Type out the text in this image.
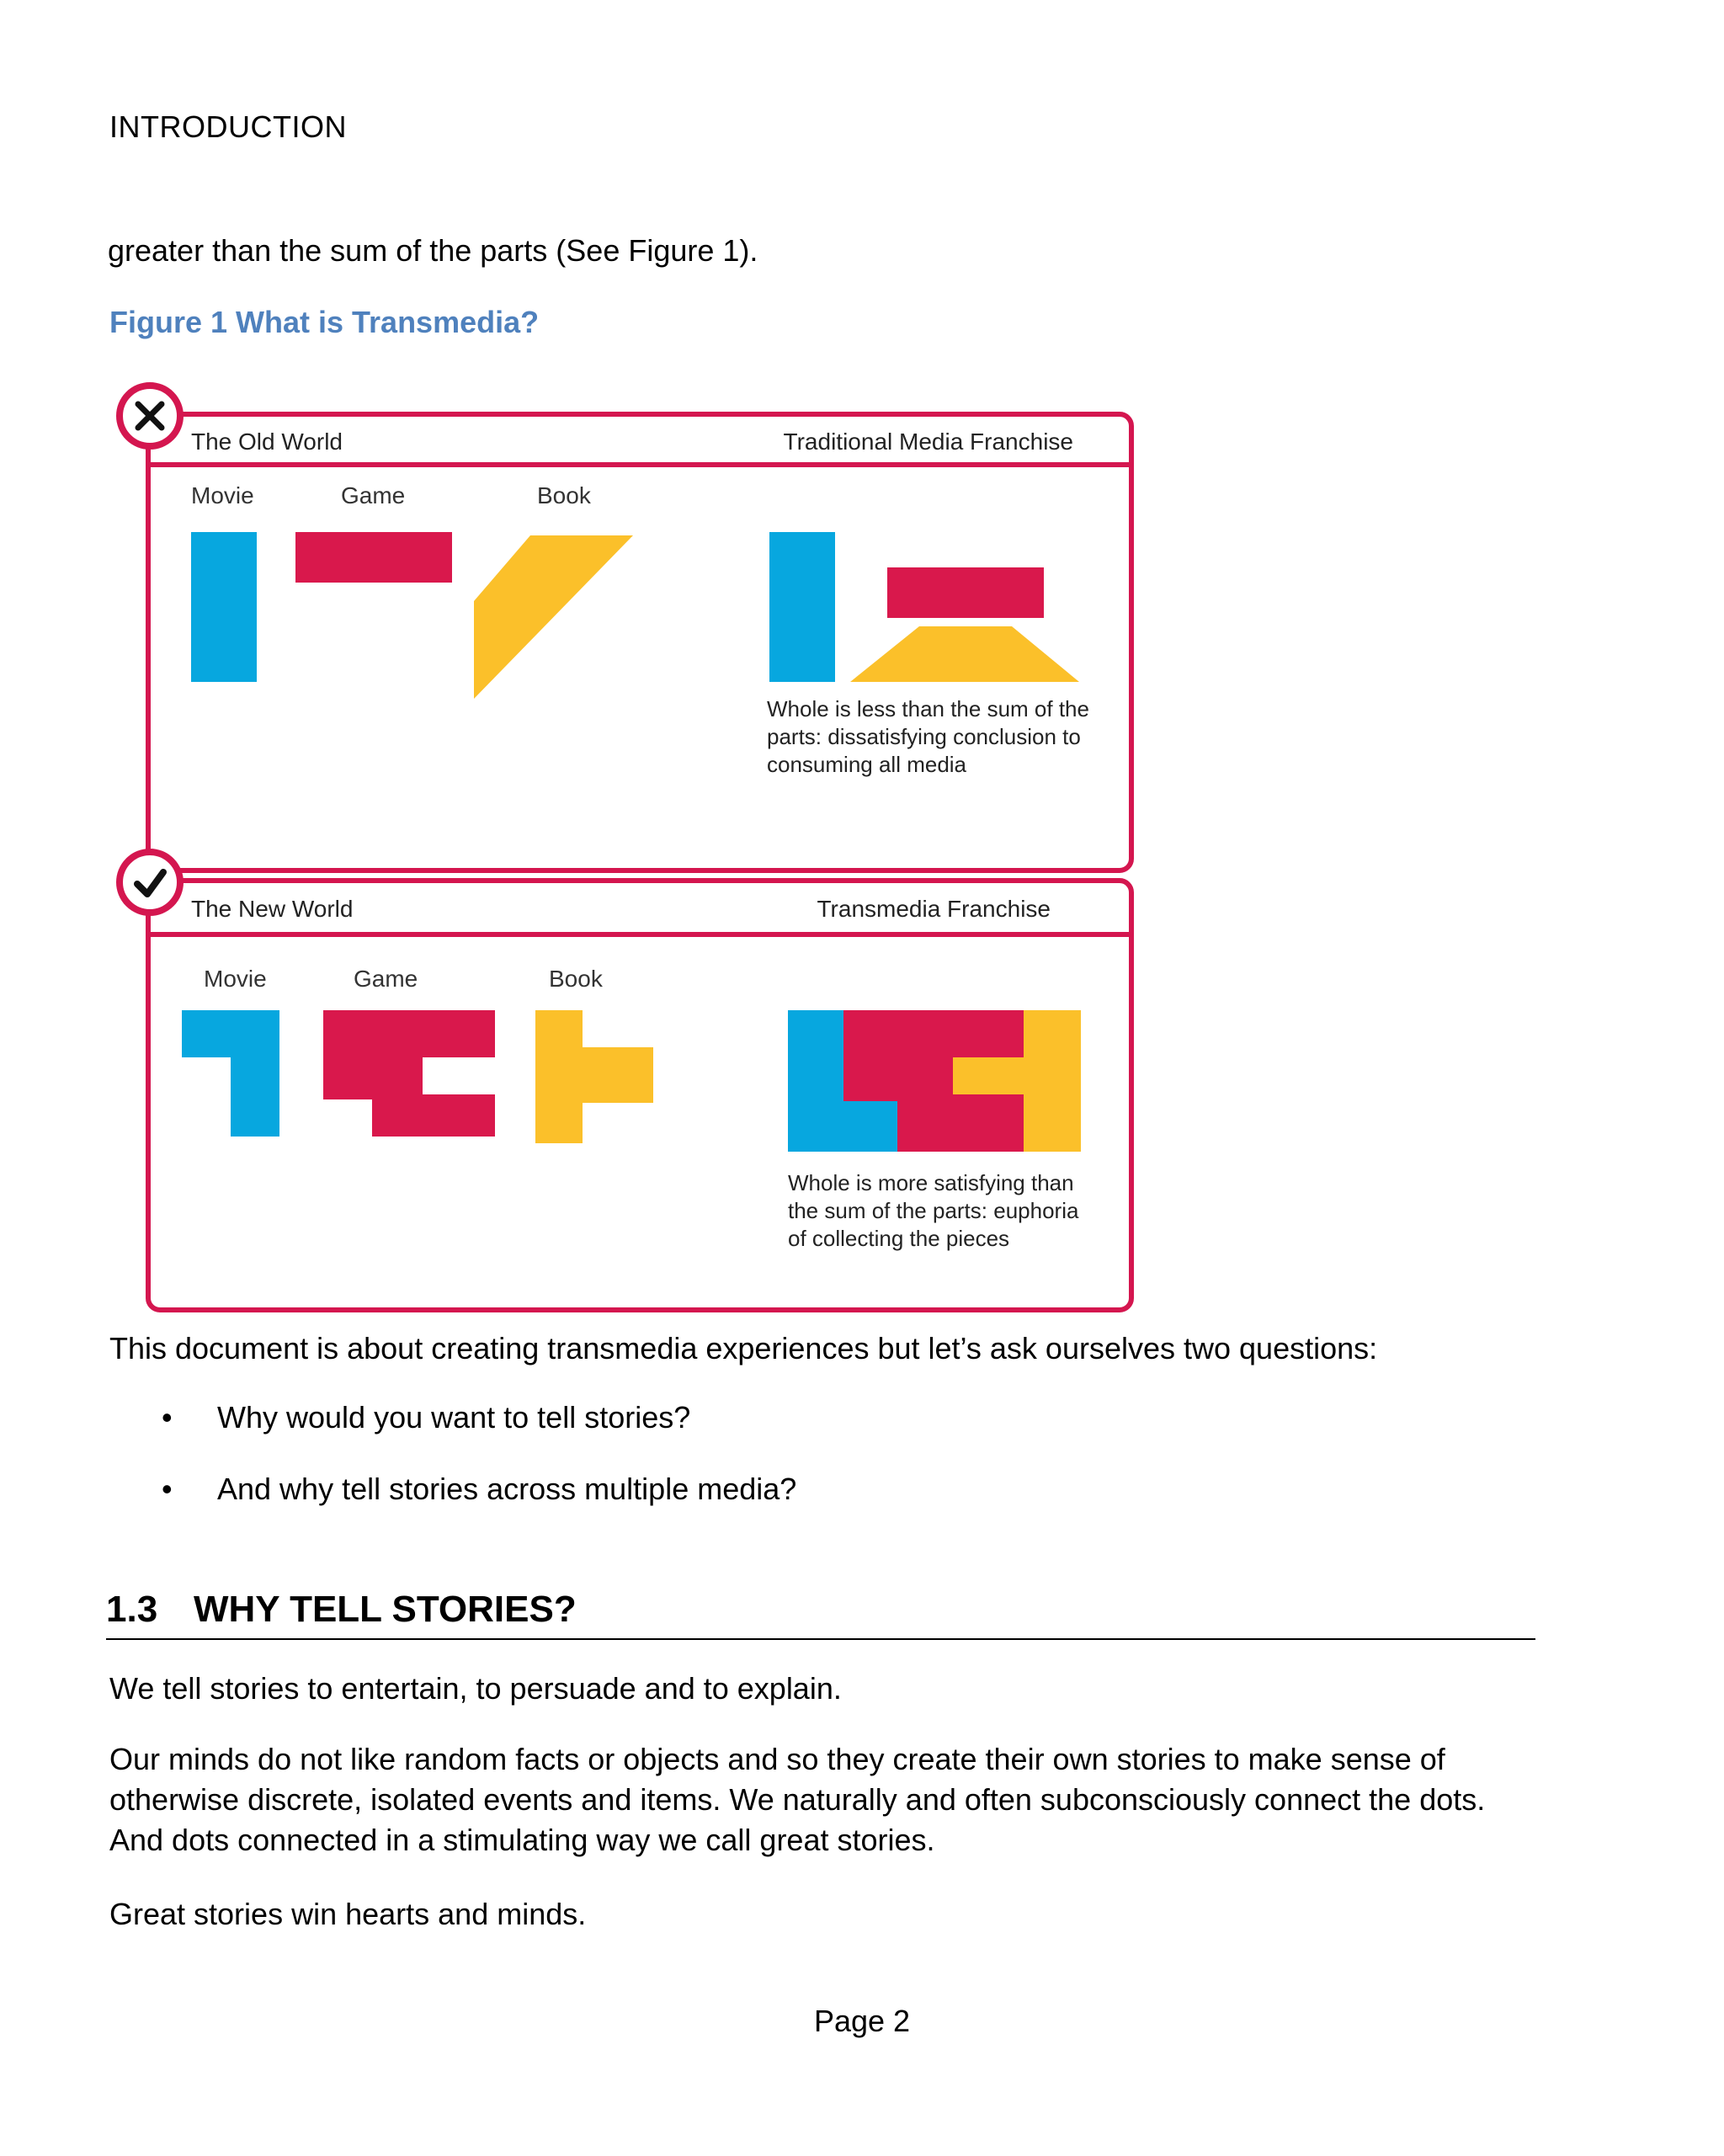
INTRODUCTION
greater than the sum of the parts (See Figure 1).
Figure 1 What is Transmedia?
The Old World	Traditional Media Franchise
Movie	Game	Book
Whole is less than the sum of the parts: dissatisfying conclusion to consuming all media
The New World	Transmedia Franchise
Movie	Game	Book
Whole is more satisfying than the sum of the parts: euphoria of collecting the pieces
This document is about creating transmedia experiences but let’s ask ourselves two questions:
• Why would you want to tell stories?
• And why tell stories across multiple media?
1.3 WHY TELL STORIES?
We tell stories to entertain, to persuade and to explain.
Our minds do not like random facts or objects and so they create their own stories to make sense of
otherwise discrete, isolated events and items. We naturally and often subconsciously connect the dots.
And dots connected in a stimulating way we call great stories.
Great stories win hearts and minds.
Page 2
